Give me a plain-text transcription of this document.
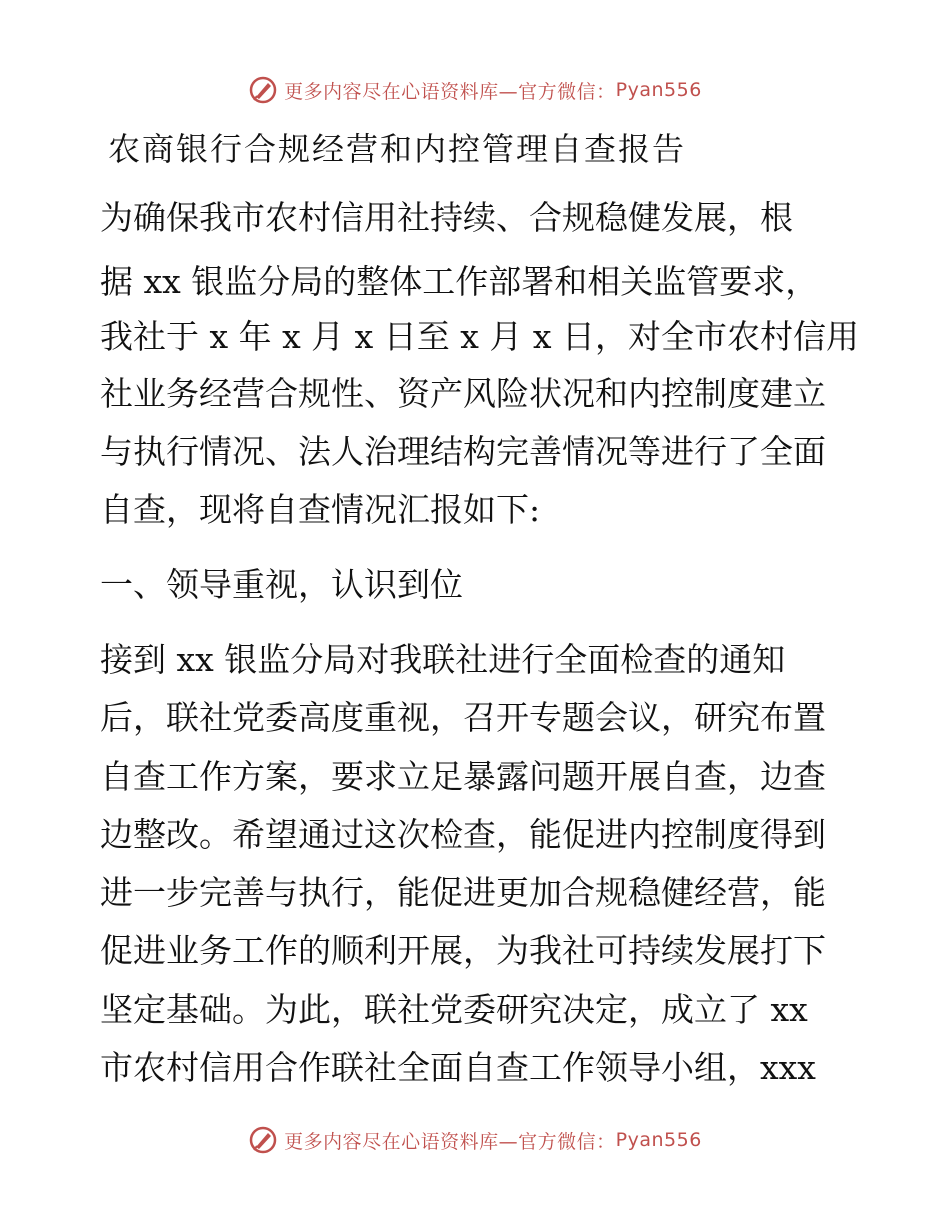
更多内容尽在心语资料库—官方微信： Pyan556
农商银行合规经营和内控管理自查报告
为确保我市农村信用社持续、合规稳健发展，根
据 xx 银监分局的整体工作部署和相关监管要求，
我社于 x 年 x 月 x 日至 x 月 x 日，对全市农村信用
社业务经营合规性、资产风险状况和内控制度建立
与执行情况、法人治理结构完善情况等进行了全面
自查，现将自查情况汇报如下:
一、领导重视，认识到位
接到 xx 银监分局对我联社进行全面检查的通知
后，联社党委高度重视，召开专题会议，研究布置
自查工作方案，要求立足暴露问题开展自查，边查
边整改。希望通过这次检查，能促进内控制度得到
进一步完善与执行，能促进更加合规稳健经营，能
促进业务工作的顺利开展，为我社可持续发展打下
坚定基础。为此，联社党委研究决定，成立了 xx
市农村信用合作联社全面自查工作领导小组，xxx
更多内容尽在心语资料库—官方微信： Pyan556
